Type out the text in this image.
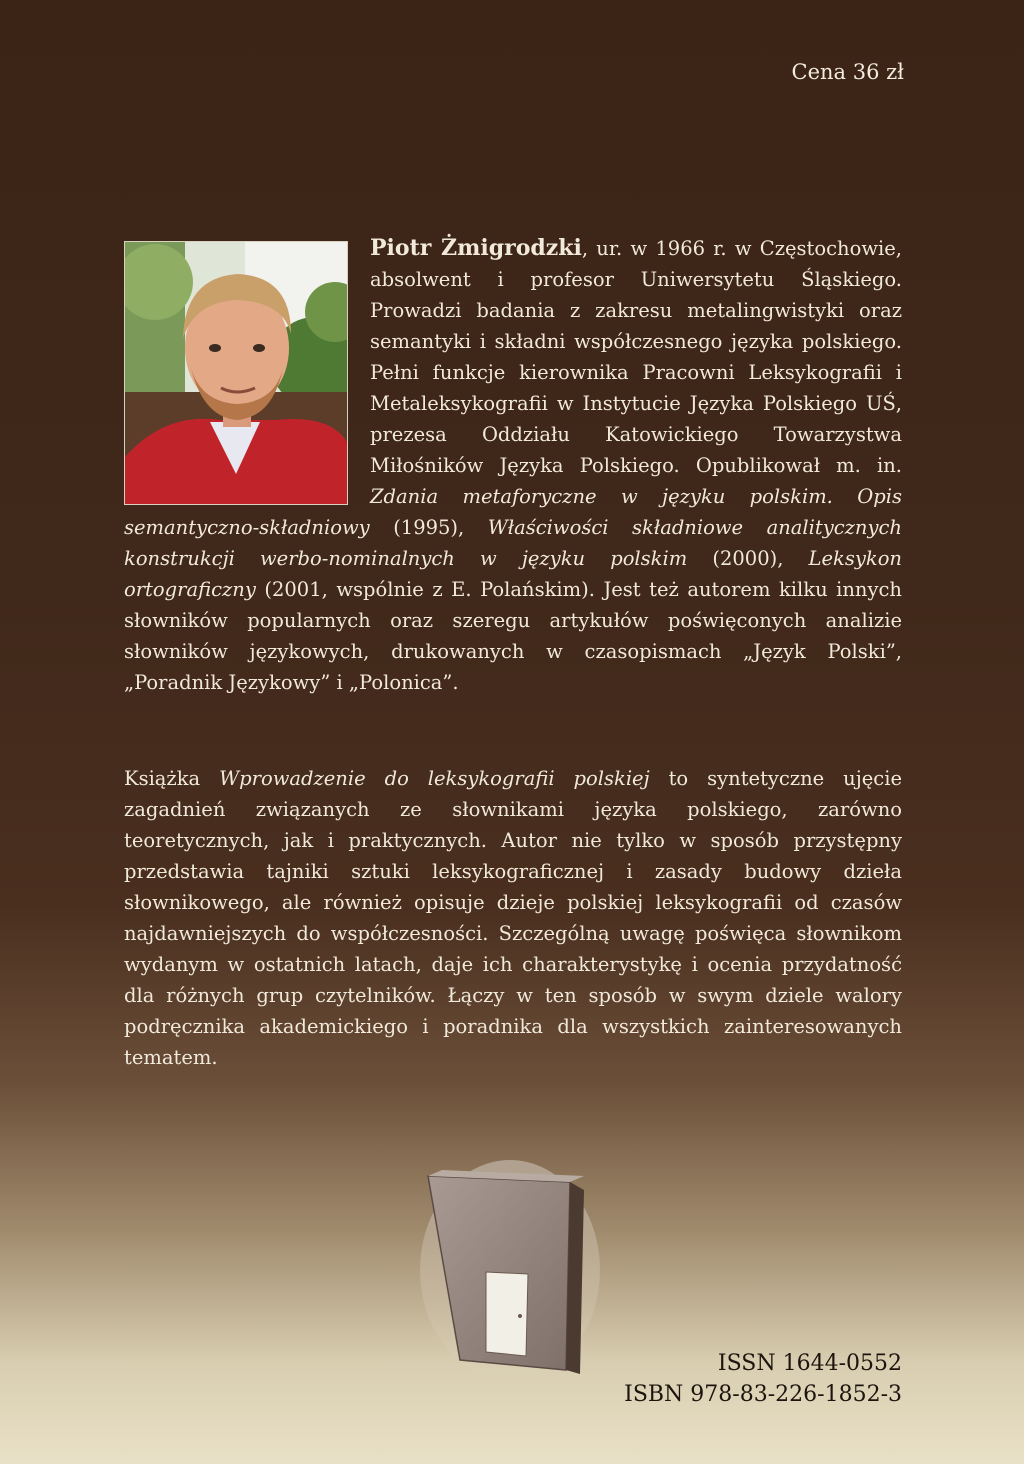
Cena 36 zł
Piotr Żmigrodzki, ur. w 1966 r. w Częstochowie, absolwent i profesor Uniwersytetu Śląskiego. Prowadzi badania z zakresu metalingwistyki oraz semantyki i składni współczesnego języka polskiego. Pełni funkcje kierownika Pracowni Leksykografii i Metaleksykografii w Instytucie Języka Polskiego UŚ, prezesa Oddziału Katowickiego Towarzystwa Miłośników Języka Polskiego. Opublikował m. in. Zdania metaforyczne w języku polskim. Opis semantyczno-składniowy (1995), Właściwości składniowe analitycznych konstrukcji werbo-nominalnych w języku polskim (2000), Leksykon ortograficzny (2001, wspólnie z E. Polańskim). Jest też autorem kilku innych słowników popularnych oraz szeregu artykułów poświęconych analizie słowników językowych, drukowanych w czasopismach „Język Polski”, „Poradnik Językowy” i „Polonica”.
Książka Wprowadzenie do leksykografii polskiej to syntetyczne ujęcie zagadnień związanych ze słownikami języka polskiego, zarówno teoretycznych, jak i praktycznych. Autor nie tylko w sposób przystępny przedstawia tajniki sztuki leksykograficznej i zasady budowy dzieła słownikowego, ale również opisuje dzieje polskiej leksykografii od czasów najdawniejszych do współczesności. Szczególną uwagę poświęca słownikom wydanym w ostatnich latach, daje ich charakterystykę i ocenia przydatność dla różnych grup czytelników. Łączy w ten sposób w swym dziele walory podręcznika akademickiego i poradnika dla wszystkich zainteresowanych tematem.
ISSN 1644-0552
ISBN 978-83-226-1852-3
